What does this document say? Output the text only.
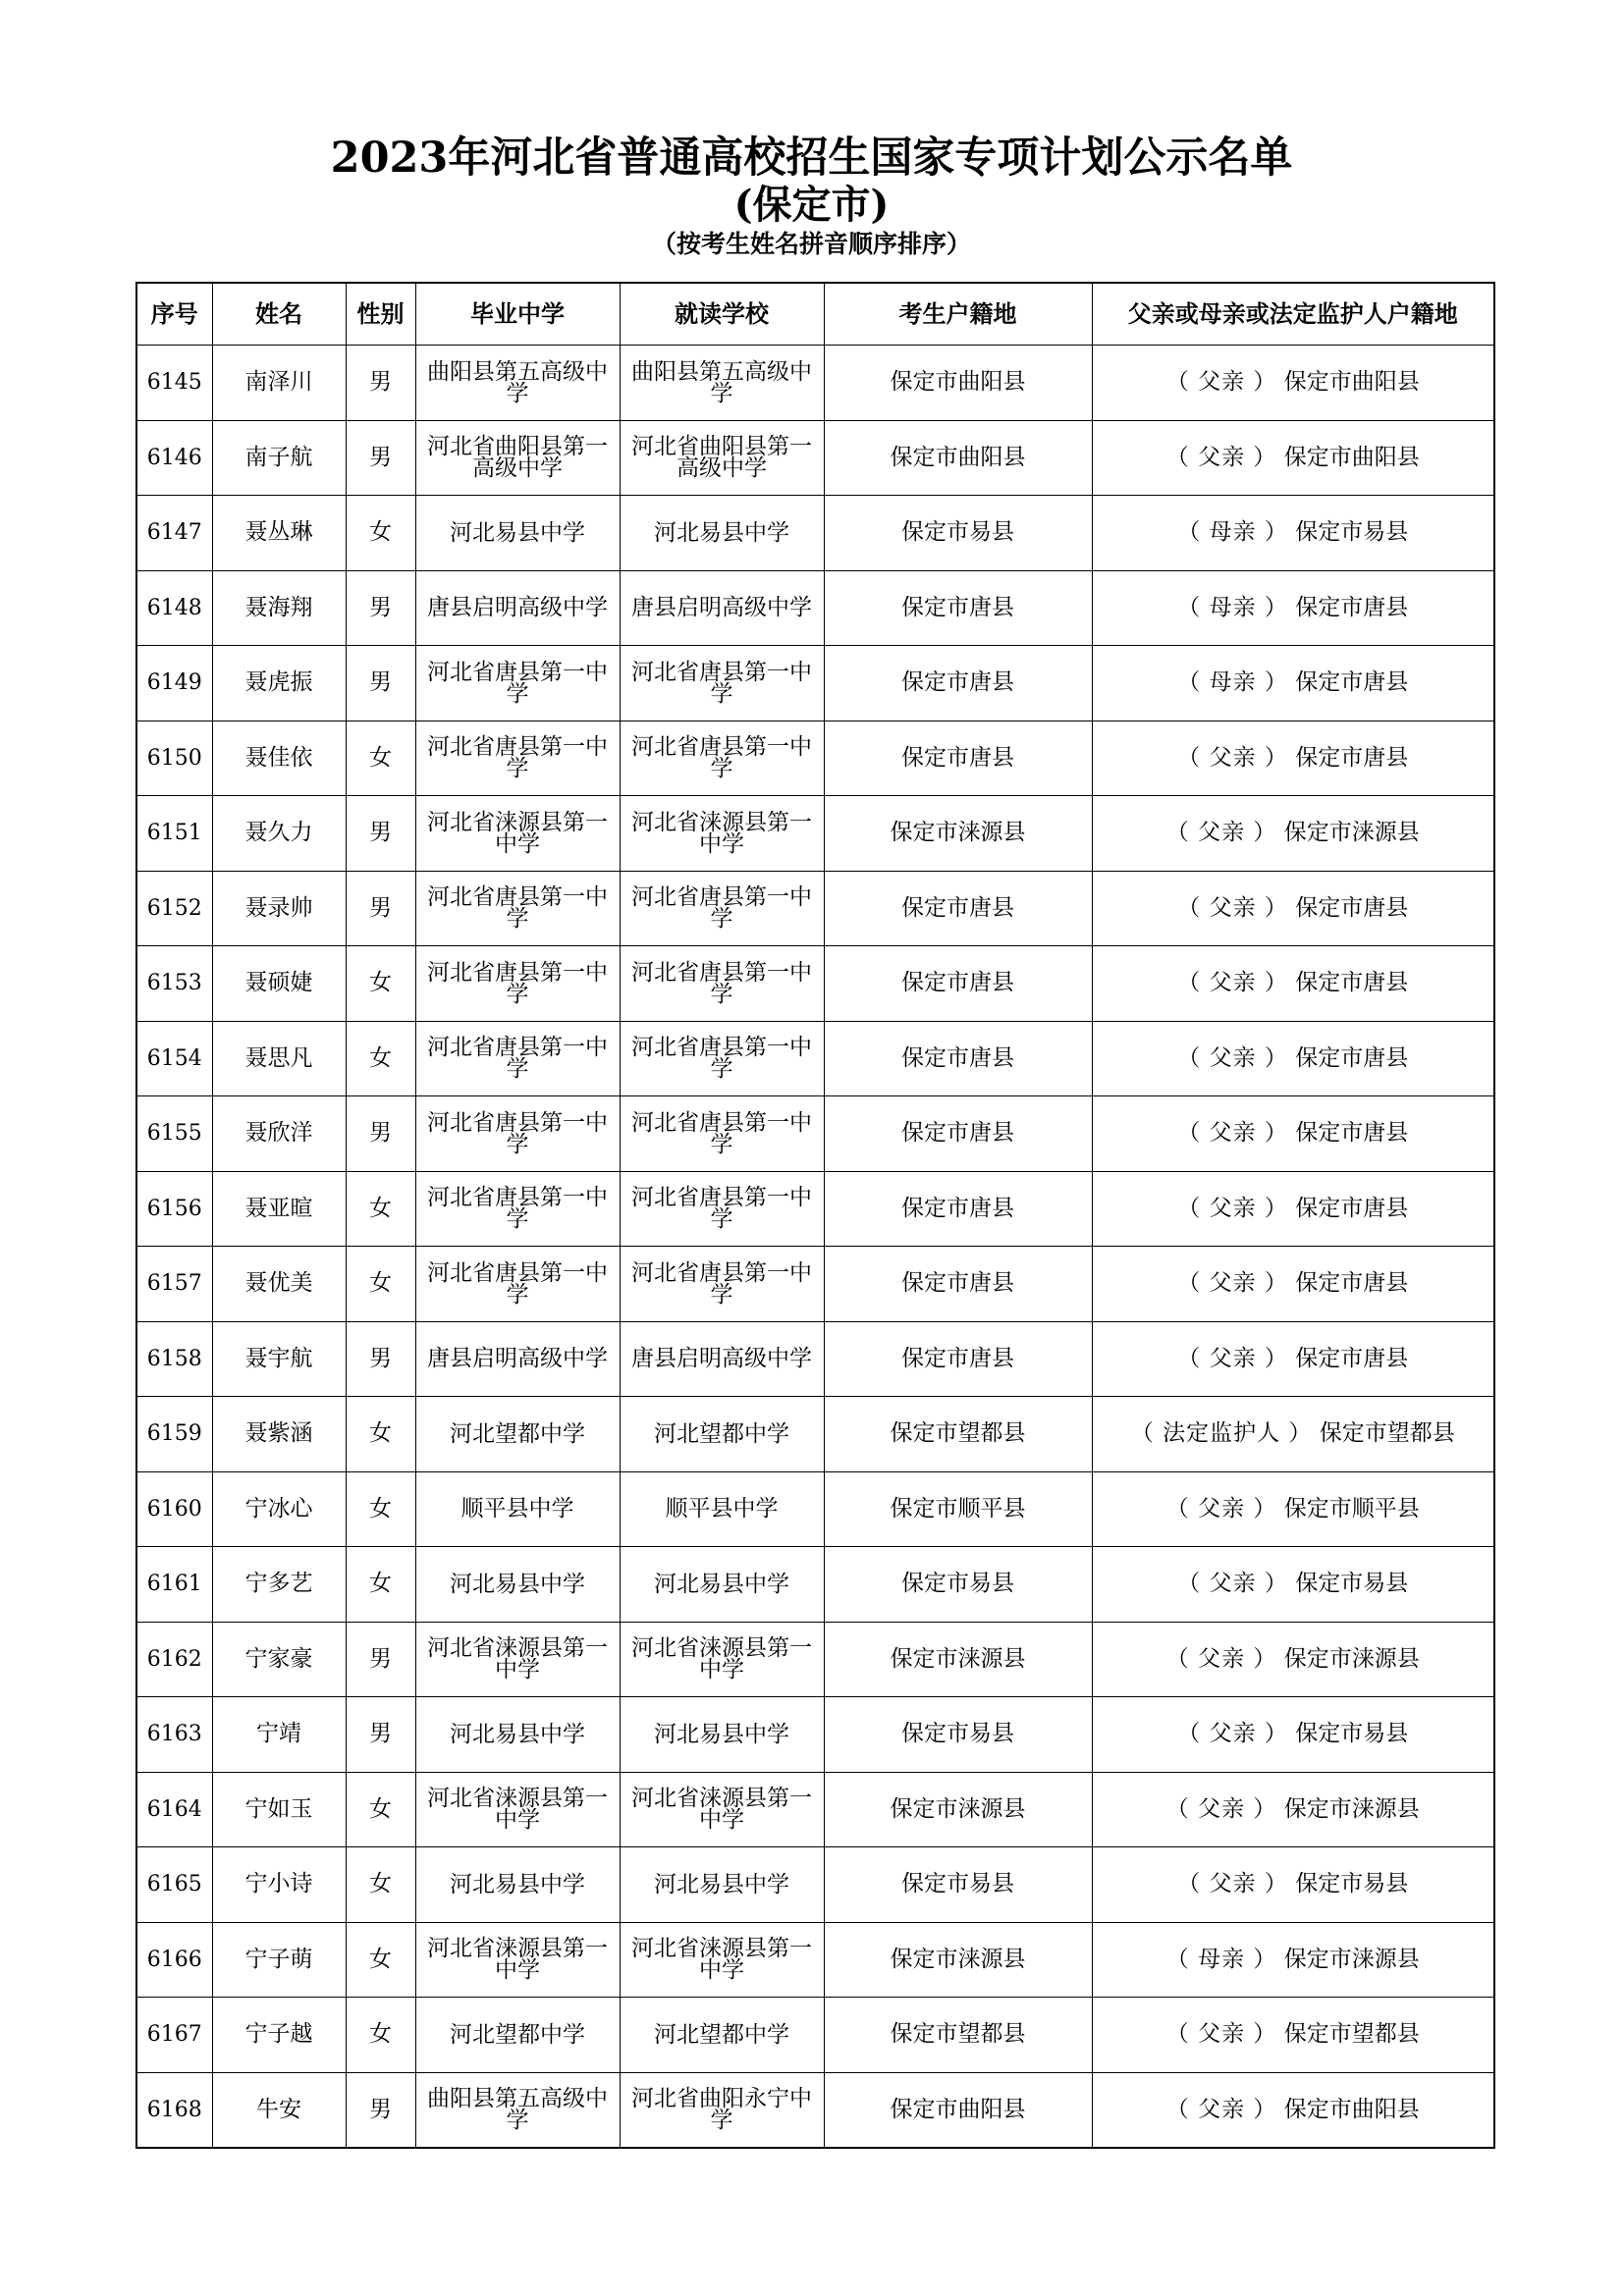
2023年河北省普通高校招生国家专项计划公示名单
(保定市)
（按考生姓名拼音顺序排序）
序号	姓名	性别	毕业中学	就读学校	考生户籍地	父亲或母亲或法定监护人户籍地
6145	南泽川	男	曲阳县第五高级中学	曲阳县第五高级中学	保定市曲阳县	（ 父亲 ） 保定市曲阳县
6146	南子航	男	河北省曲阳县第一高级中学	河北省曲阳县第一高级中学	保定市曲阳县	（ 父亲 ） 保定市曲阳县
6147	聂丛琳	女	河北易县中学	河北易县中学	保定市易县	（ 母亲 ） 保定市易县
6148	聂海翔	男	唐县启明高级中学	唐县启明高级中学	保定市唐县	（ 母亲 ） 保定市唐县
6149	聂虎振	男	河北省唐县第一中学	河北省唐县第一中学	保定市唐县	（ 母亲 ） 保定市唐县
6150	聂佳依	女	河北省唐县第一中学	河北省唐县第一中学	保定市唐县	（ 父亲 ） 保定市唐县
6151	聂久力	男	河北省涞源县第一中学	河北省涞源县第一中学	保定市涞源县	（ 父亲 ） 保定市涞源县
6152	聂录帅	男	河北省唐县第一中学	河北省唐县第一中学	保定市唐县	（ 父亲 ） 保定市唐县
6153	聂硕婕	女	河北省唐县第一中学	河北省唐县第一中学	保定市唐县	（ 父亲 ） 保定市唐县
6154	聂思凡	女	河北省唐县第一中学	河北省唐县第一中学	保定市唐县	（ 父亲 ） 保定市唐县
6155	聂欣洋	男	河北省唐县第一中学	河北省唐县第一中学	保定市唐县	（ 父亲 ） 保定市唐县
6156	聂亚暄	女	河北省唐县第一中学	河北省唐县第一中学	保定市唐县	（ 父亲 ） 保定市唐县
6157	聂优美	女	河北省唐县第一中学	河北省唐县第一中学	保定市唐县	（ 父亲 ） 保定市唐县
6158	聂宇航	男	唐县启明高级中学	唐县启明高级中学	保定市唐县	（ 父亲 ） 保定市唐县
6159	聂紫涵	女	河北望都中学	河北望都中学	保定市望都县	（ 法定监护人 ） 保定市望都县
6160	宁冰心	女	顺平县中学	顺平县中学	保定市顺平县	（ 父亲 ） 保定市顺平县
6161	宁多艺	女	河北易县中学	河北易县中学	保定市易县	（ 父亲 ） 保定市易县
6162	宁家豪	男	河北省涞源县第一中学	河北省涞源县第一中学	保定市涞源县	（ 父亲 ） 保定市涞源县
6163	宁靖	男	河北易县中学	河北易县中学	保定市易县	（ 父亲 ） 保定市易县
6164	宁如玉	女	河北省涞源县第一中学	河北省涞源县第一中学	保定市涞源县	（ 父亲 ） 保定市涞源县
6165	宁小诗	女	河北易县中学	河北易县中学	保定市易县	（ 父亲 ） 保定市易县
6166	宁子萌	女	河北省涞源县第一中学	河北省涞源县第一中学	保定市涞源县	（ 母亲 ） 保定市涞源县
6167	宁子越	女	河北望都中学	河北望都中学	保定市望都县	（ 父亲 ） 保定市望都县
6168	牛安	男	曲阳县第五高级中学	河北省曲阳永宁中学	保定市曲阳县	（ 父亲 ） 保定市曲阳县
